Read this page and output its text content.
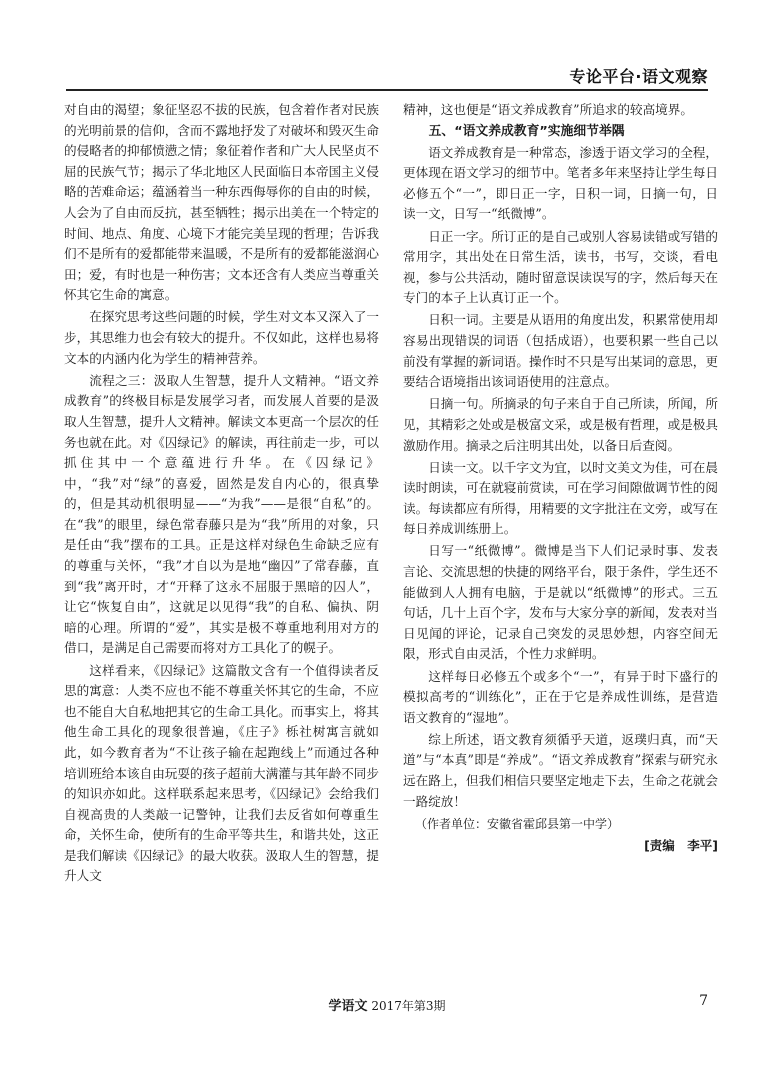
专论平台·语文观察

对自由的渴望；象征坚忍不拔的民族，包含着作者对民族的光明前景的信仰，含而不露地抒发了对破坏和毁灭生命的侵略者的抑郁愤懑之情；象征着作者和广大人民坚贞不屈的民族气节；揭示了华北地区人民面临日本帝国主义侵略的苦难命运；蕴涵着当一种东西侮辱你的自由的时候，人会为了自由而反抗，甚至牺牲；揭示出美在一个特定的时间、地点、角度、心境下才能完美呈现的哲理；告诉我们不是所有的爱都能带来温暖，不是所有的爱都能滋润心田；爱，有时也是一种伤害；文本还含有人类应当尊重关怀其它生命的寓意。

在探究思考这些问题的时候，学生对文本又深入了一步，其思维力也会有较大的提升。不仅如此，这样也易将文本的内涵内化为学生的精神营养。

流程之三：汲取人生智慧，提升人文精神。“语文养成教育”的终极目标是发展学习者，而发展人首要的是汲取人生智慧，提升人文精神。解读文本更高一个层次的任务也就在此。对《囚绿记》的解读，再往前走一步，可以抓住其中一个意蕴进行升华。在《囚绿记》中，“我”对“绿”的喜爱，固然是发自内心的，很真挚的，但是其动机很明显——“为我”——是很“自私”的。在“我”的眼里，绿色常春藤只是为“我”所用的对象，只是任由“我”摆布的工具。正是这样对绿色生命缺乏应有的尊重与关怀，“我”才自以为是地“幽囚”了常春藤，直到“我”离开时，才“开释了这永不屈服于黑暗的囚人”，让它“恢复自由”，这就足以见得“我”的自私、偏执、阴暗的心理。所谓的“爱”，其实是极不尊重地利用对方的借口，是满足自己需要而将对方工具化了的幌子。

这样看来，《囚绿记》这篇散文含有一个值得读者反思的寓意：人类不应也不能不尊重关怀其它的生命，不应也不能自大自私地把其它的生命工具化。而事实上，将其他生命工具化的现象很普遍，《庄子》栎社树寓言就如此，如今教育者为“不让孩子输在起跑线上”而通过各种培训班给本该自由玩耍的孩子超前大满灌与其年龄不同步的知识亦如此。这样联系起来思考，《囚绿记》会给我们自视高贵的人类敲一记警钟，让我们去反省如何尊重生命，关怀生命，使所有的生命平等共生，和谐共处，这正是我们解读《囚绿记》的最大收获。汲取人生的智慧，提升人文

精神，这也便是“语文养成教育”所追求的较高境界。

五、“语文养成教育”实施细节举隅

语文养成教育是一种常态，渗透于语文学习的全程，更体现在语文学习的细节中。笔者多年来坚持让学生每日必修五个“一”，即日正一字，日积一词，日摘一句，日读一文，日写一“纸微博”。

日正一字。所订正的是自己或别人容易读错或写错的常用字，其出处在日常生活，读书，书写，交谈，看电视，参与公共活动，随时留意误读误写的字，然后每天在专门的本子上认真订正一个。

日积一词。主要是从语用的角度出发，积累常使用却容易出现错误的词语（包括成语），也要积累一些自己以前没有掌握的新词语。操作时不只是写出某词的意思，更要结合语境指出该词语使用的注意点。

日摘一句。所摘录的句子来自于自己所读，所闻，所见，其精彩之处或是极富文采，或是极有哲理，或是极具激励作用。摘录之后注明其出处，以备日后查阅。

日读一文。以千字文为宜，以时文美文为佳，可在晨读时朗读，可在就寝前赏读，可在学习间隙做调节性的阅读。每读都应有所得，用精要的文字批注在文旁，或写在每日养成训练册上。

日写一“纸微博”。微博是当下人们记录时事、发表言论、交流思想的快捷的网络平台，限于条件，学生还不能做到人人拥有电脑，于是就以“纸微博”的形式。三五句话，几十上百个字，发布与大家分享的新闻，发表对当日见闻的评论，记录自己突发的灵思妙想，内容空间无限，形式自由灵活，个性力求鲜明。

这样每日必修五个或多个“一”，有异于时下盛行的模拟高考的“训练化”，正在于它是养成性训练，是营造语文教育的“湿地”。

综上所述，语文教育须循乎天道，返璞归真，而“天道”与“本真”即是“养成”。“语文养成教育”探索与研究永远在路上，但我们相信只要坚定地走下去，生命之花就会一路绽放！

（作者单位：安徽省霍邱县第一中学）

[责编　李平]
学语文 2017年第3期	7
